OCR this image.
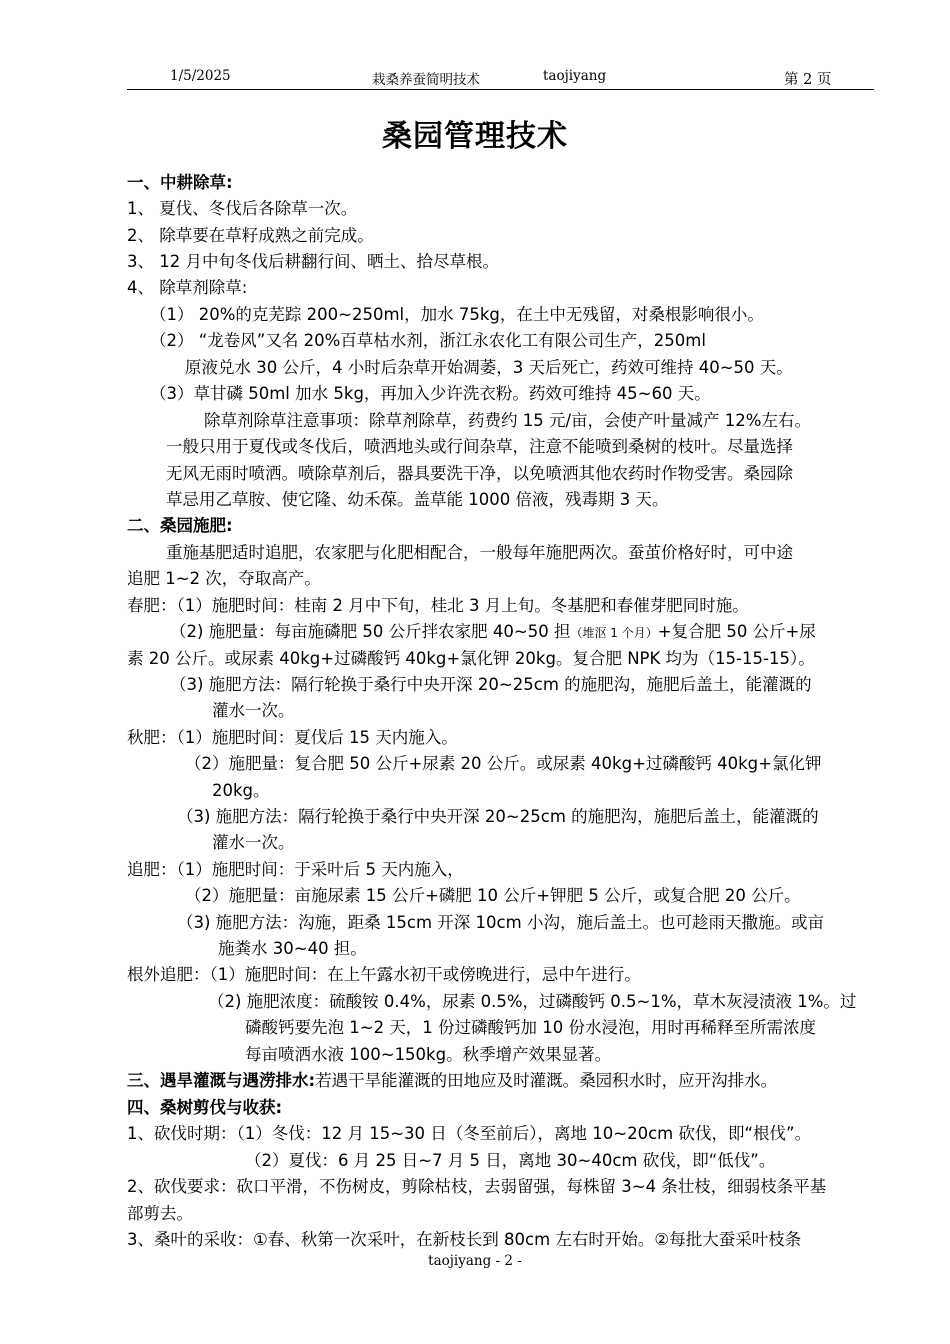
1/5/2025	栽桑养蚕简明技术	taojiyang	第 2 页
桑园管理技术
一、中耕除草:
1、 夏伐、冬伐后各除草一次。
2、 除草要在草籽成熟之前完成。
3、 12 月中旬冬伐后耕翻行间、晒土、拾尽草根。
4、 除草剂除草:
（1） 20%的克芜踪 200~250ml，加水 75kg，在土中无残留，对桑根影响很小。
（2） “龙卷风”又名 20%百草枯水剂，浙江永农化工有限公司生产，250ml
原液兑水 30 公斤，4 小时后杂草开始凋萎，3 天后死亡，药效可维持 40~50 天。
（3）草甘磷 50ml 加水 5kg，再加入少许洗衣粉。药效可维持 45~60 天。
除草剂除草注意事项：除草剂除草，药费约 15 元/亩，会使产叶量减产 12%左右。
一般只用于夏伐或冬伐后，喷洒地头或行间杂草，注意不能喷到桑树的枝叶。尽量选择
无风无雨时喷洒。喷除草剂后，器具要洗干净，以免喷洒其他农药时作物受害。桑园除
草忌用乙草胺、使它隆、幼禾葆。盖草能 1000 倍液，残毒期 3 天。
二、桑园施肥:
重施基肥适时追肥，农家肥与化肥相配合，一般每年施肥两次。蚕茧价格好时，可中途
追肥 1~2 次，夺取高产。
春肥：（1）施肥时间：桂南 2 月中下旬，桂北 3 月上旬。冬基肥和春催芽肥同时施。
素 20 公斤。或尿素 40kg+过磷酸钙 40kg+氯化钾 20kg。复合肥 NPK 均为（15-15-15）。
（3) 施肥方法：隔行轮换于桑行中央开深 20~25cm 的施肥沟，施肥后盖土，能灌溉的
灌水一次。
秋肥：（1）施肥时间：夏伐后 15 天内施入。
（2）施肥量：复合肥 50 公斤+尿素 20 公斤。或尿素 40kg+过磷酸钙 40kg+氯化钾
20kg。
（3) 施肥方法：隔行轮换于桑行中央开深 20~25cm 的施肥沟，施肥后盖土，能灌溉的
灌水一次。
追肥：（1）施肥时间：于采叶后 5 天内施入，
（2）施肥量：亩施尿素 15 公斤+磷肥 10 公斤+钾肥 5 公斤，或复合肥 20 公斤。
（3) 施肥方法：沟施，距桑 15cm 开深 10cm 小沟，施后盖土。也可趁雨天撒施。或亩
施粪水 30~40 担。
根外追肥：（1）施肥时间：在上午露水初干或傍晚进行，忌中午进行。
（2) 施肥浓度：硫酸铵 0.4%，尿素 0.5%，过磷酸钙 0.5~1%，草木灰浸渍液 1%。过
磷酸钙要先泡 1~2 天，1 份过磷酸钙加 10 份水浸泡，用时再稀释至所需浓度
每亩喷洒水液 100~150kg。秋季增产效果显著。
四、桑树剪伐与收获:
1、砍伐时期：（1）冬伐：12 月 15~30 日（冬至前后），离地 10~20cm 砍伐，即“根伐”。
（2）夏伐：6 月 25 日~7 月 5 日，离地 30~40cm 砍伐，即“低伐”。
2、砍伐要求：砍口平滑，不伤树皮，剪除枯枝，去弱留强，每株留 3~4 条壮枝，细弱枝条平基
部剪去。
3、桑叶的采收：①春、秋第一次采叶，在新枝长到 80cm 左右时开始。②每批大蚕采叶枝条
（2) 施肥量：每亩施磷肥 50 公斤拌农家肥 40~50 担（堆沤 1 个月）+复合肥 50 公斤+尿
三、遇旱灌溉与遇涝排水:若遇干旱能灌溉的田地应及时灌溉。桑园积水时，应开沟排水。
taojiyang - 2 -
